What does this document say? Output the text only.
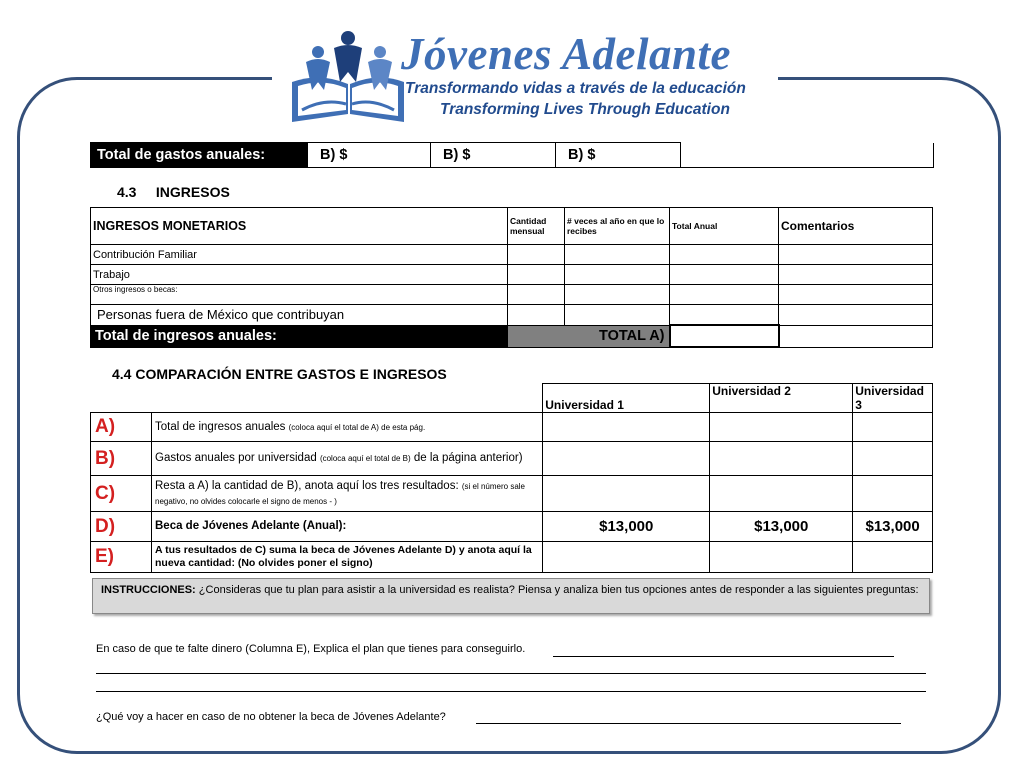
Jóvenes Adelante
Transformando vidas a través de la educación
Transforming Lives Through Education
Total de gastos anuales:	B) $	B) $	B) $	
4.3     INGRESOS
INGRESOS MONETARIOS	Cantidad mensual	# veces al año en que lo recibes	Total Anual	Comentarios
Contribución Familiar				
Trabajo				
Otros ingresos o becas:				
Personas fuera de México que contribuyan				
Total de ingresos anuales:	TOTAL A)			
4.4 COMPARACIÓN ENTRE GASTOS E INGRESOS
		Universidad 1	Universidad 2	Universidad 3
A)	Total de ingresos anuales (coloca aquí el total de A) de esta pág.			
B)	Gastos anuales por universidad (coloca aquí el total de B) de la página anterior)			
C)	Resta a A) la cantidad de B), anota aquí los tres resultados: (si el número sale negativo, no olvides colocarle el signo de menos - )			
D)	Beca de Jóvenes Adelante (Anual):	$13,000	$13,000	$13,000
E)	A tus resultados de C) suma la beca de Jóvenes Adelante D) y anota aquí la nueva cantidad: (No olvides poner el signo)			
INSTRUCCIONES: ¿Consideras que tu plan para asistir a la universidad es realista? Piensa y analiza bien tus opciones antes de responder a las siguientes preguntas:
En caso de que te falte dinero (Columna E), Explica el plan que tienes para conseguirlo.
¿Qué voy a hacer en caso de no obtener la beca de Jóvenes Adelante?
